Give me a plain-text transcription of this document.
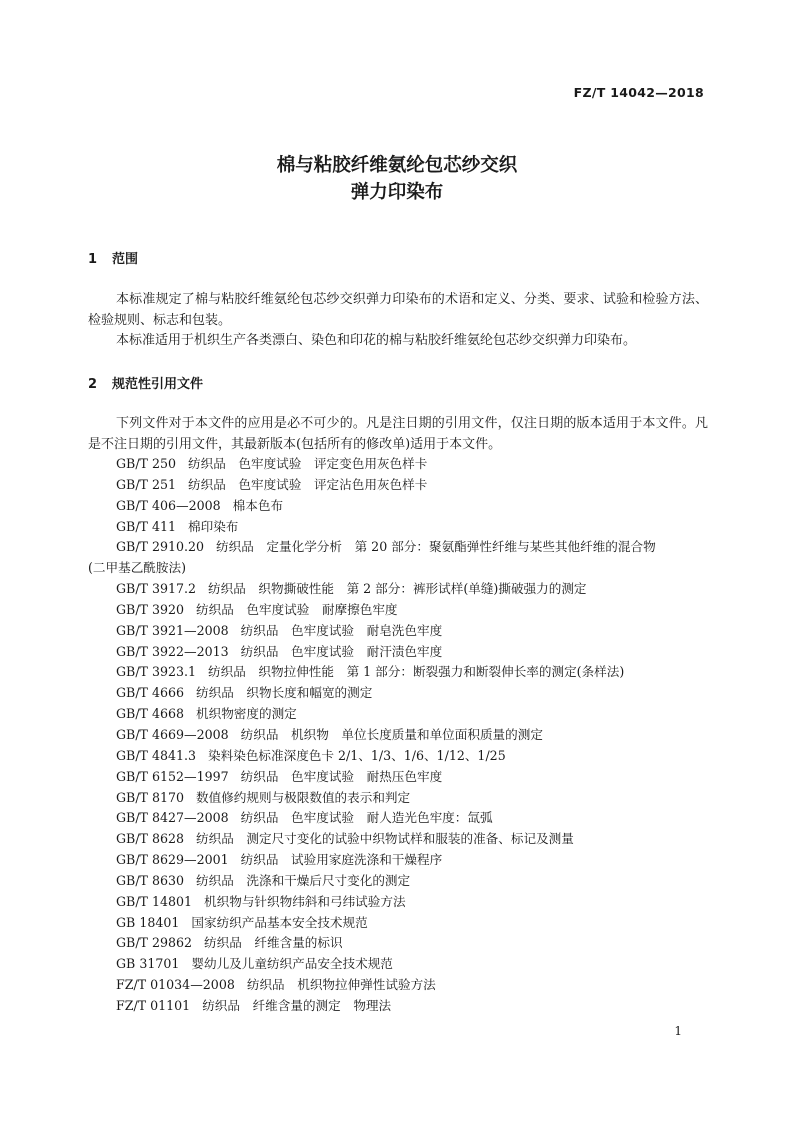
FZ/T 14042—2018
棉与粘胶纤维氨纶包芯纱交织
弹力印染布
1 范围
本标准规定了棉与粘胶纤维氨纶包芯纱交织弹力印染布的术语和定义、分类、要求、试验和检验方法、检验规则、标志和包装。
本标准适用于机织生产各类漂白、染色和印花的棉与粘胶纤维氨纶包芯纱交织弹力印染布。
2 规范性引用文件
下列文件对于本文件的应用是必不可少的。凡是注日期的引用文件，仅注日期的版本适用于本文件。凡是不注日期的引用文件，其最新版本(包括所有的修改单)适用于本文件。
GB/T 250 纺织品　色牢度试验　评定变色用灰色样卡
GB/T 251 纺织品　色牢度试验　评定沾色用灰色样卡
GB/T 406—2008 棉本色布
GB/T 411 棉印染布
GB/T 2910.20 纺织品　定量化学分析　第 20 部分：聚氨酯弹性纤维与某些其他纤维的混合物
(二甲基乙酰胺法)
GB/T 3917.2 纺织品　织物撕破性能　第 2 部分：裤形试样(单缝)撕破强力的测定
GB/T 3920 纺织品　色牢度试验　耐摩擦色牢度
GB/T 3921—2008 纺织品　色牢度试验　耐皂洗色牢度
GB/T 3922—2013 纺织品　色牢度试验　耐汗渍色牢度
GB/T 3923.1 纺织品　织物拉伸性能　第 1 部分：断裂强力和断裂伸长率的测定(条样法)
GB/T 4666 纺织品　织物长度和幅宽的测定
GB/T 4668 机织物密度的测定
GB/T 4669—2008 纺织品　机织物　单位长度质量和单位面积质量的测定
GB/T 4841.3 染料染色标准深度色卡 2/1、1/3、1/6、1/12、1/25
GB/T 6152—1997 纺织品　色牢度试验　耐热压色牢度
GB/T 8170 数值修约规则与极限数值的表示和判定
GB/T 8427—2008 纺织品　色牢度试验　耐人造光色牢度：氙弧
GB/T 8628 纺织品　测定尺寸变化的试验中织物试样和服装的准备、标记及测量
GB/T 8629—2001 纺织品　试验用家庭洗涤和干燥程序
GB/T 8630 纺织品　洗涤和干燥后尺寸变化的测定
GB/T 14801 机织物与针织物纬斜和弓纬试验方法
GB 18401 国家纺织产品基本安全技术规范
GB/T 29862 纺织品　纤维含量的标识
GB 31701 婴幼儿及儿童纺织产品安全技术规范
FZ/T 01034—2008 纺织品　机织物拉伸弹性试验方法
FZ/T 01101 纺织品　纤维含量的测定　物理法
1
